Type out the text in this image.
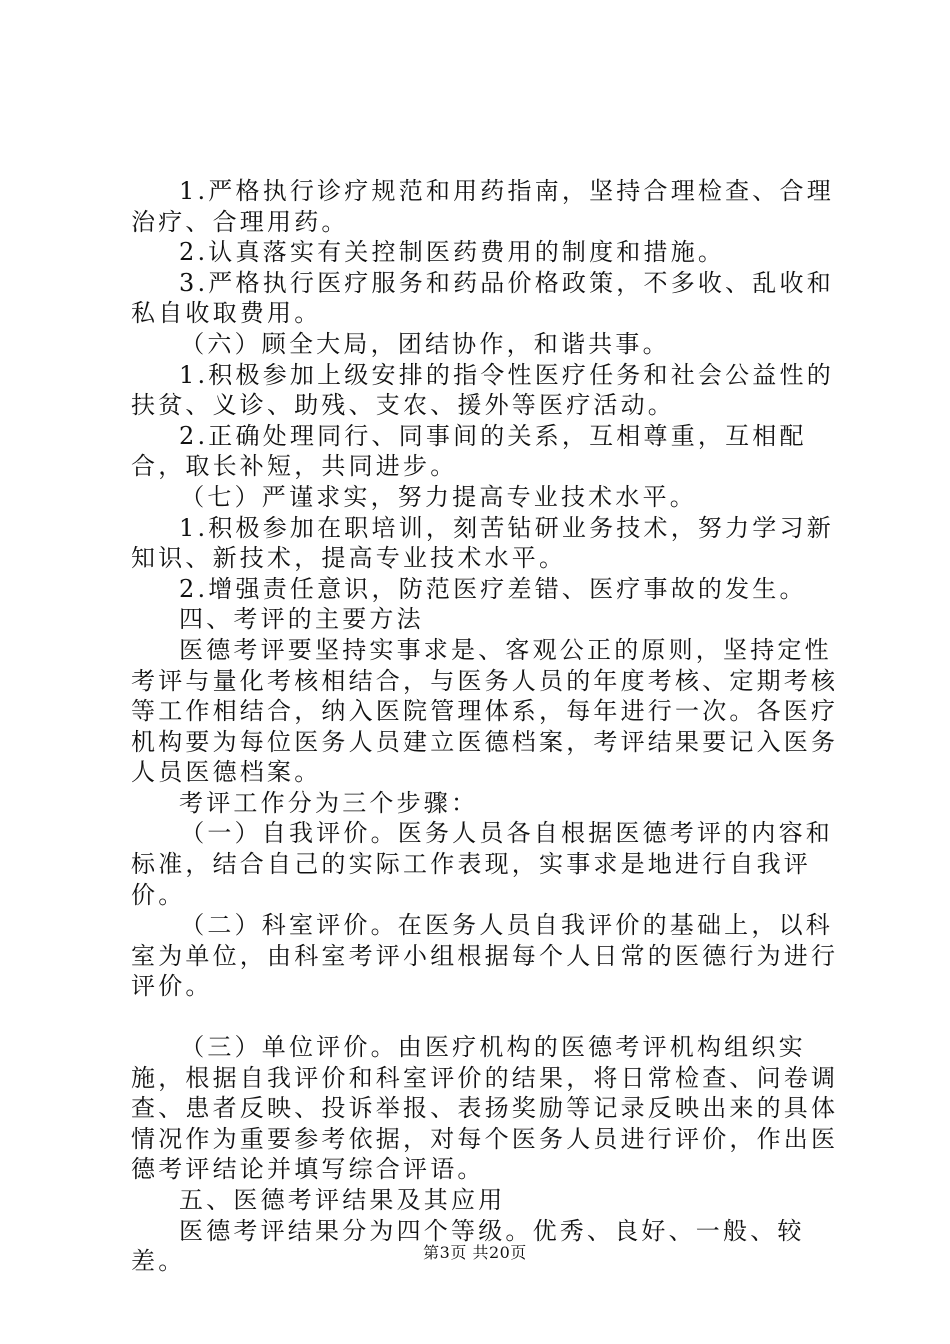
1.严格执行诊疗规范和用药指南，坚持合理检查、合理治疗、合理用药。

2.认真落实有关控制医药费用的制度和措施。

3.严格执行医疗服务和药品价格政策，不多收、乱收和私自收取费用。

（六）顾全大局，团结协作，和谐共事。

1.积极参加上级安排的指令性医疗任务和社会公益性的扶贫、义诊、助残、支农、援外等医疗活动。

2.正确处理同行、同事间的关系，互相尊重，互相配合，取长补短，共同进步。

（七）严谨求实，努力提高专业技术水平。

1.积极参加在职培训，刻苦钻研业务技术，努力学习新知识、新技术，提高专业技术水平。

2.增强责任意识，防范医疗差错、医疗事故的发生。

四、考评的主要方法

医德考评要坚持实事求是、客观公正的原则，坚持定性考评与量化考核相结合，与医务人员的年度考核、定期考核等工作相结合，纳入医院管理体系，每年进行一次。各医疗机构要为每位医务人员建立医德档案，考评结果要记入医务人员医德档案。

考评工作分为三个步骤：

（一）自我评价。医务人员各自根据医德考评的内容和标准，结合自己的实际工作表现，实事求是地进行自我评价。

（二）科室评价。在医务人员自我评价的基础上，以科室为单位，由科室考评小组根据每个人日常的医德行为进行评价。

（三）单位评价。由医疗机构的医德考评机构组织实施，根据自我评价和科室评价的结果，将日常检查、问卷调查、患者反映、投诉举报、表扬奖励等记录反映出来的具体情况作为重要参考依据，对每个医务人员进行评价，作出医德考评结论并填写综合评语。

五、医德考评结果及其应用

医德考评结果分为四个等级。优秀、良好、一般、较差。	第3页 共20页
